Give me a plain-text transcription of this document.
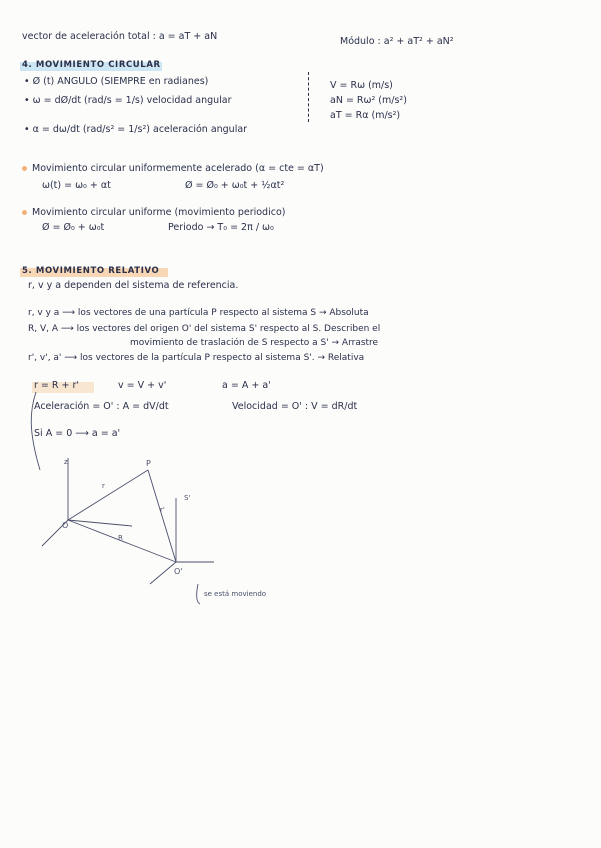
vector de aceleración total : a = aT + aN	Módulo : a² + aT² + aN²
4. MOVIMIENTO CIRCULAR
• Ø (t) ANGULO (SIEMPRE en radianes)
• ω = dØ/dt (rad/s = 1/s) velocidad angular
• α = dω/dt (rad/s² = 1/s²) aceleración angular
V = Rω (m/s)
aN = Rω² (m/s²)
aT = Rα (m/s²)
Movimiento circular uniformemente acelerado (α = cte = αT)
ω(t) = ω₀ + αt	Ø = Ø₀ + ω₀t + ½αt²
Movimiento circular uniforme (movimiento periodico)
Ø = Ø₀ + ω₀t	Periodo → T₀ = 2π / ω₀
5. MOVIMIENTO RELATIVO
r, v y a dependen del sistema de referencia.
r, v y a ⟶ los vectores de una partícula P respecto al sistema S → Absoluta
R, V, A ⟶ los vectores del origen O' del sistema S' respecto al S. Describen el
movimiento de traslación de S respecto a S' → Arrastre
r', v', a' ⟶ los vectores de la partícula P respecto al sistema S'. → Relativa
r = R + r'	v = V + v'	a = A + a'
Aceleración = O' : A = dV/dt	Velocidad = O' : V = dR/dt
Si A = 0 ⟶ a = a'
z	P
O
O'
S'
r
R
r'
se está moviendo
